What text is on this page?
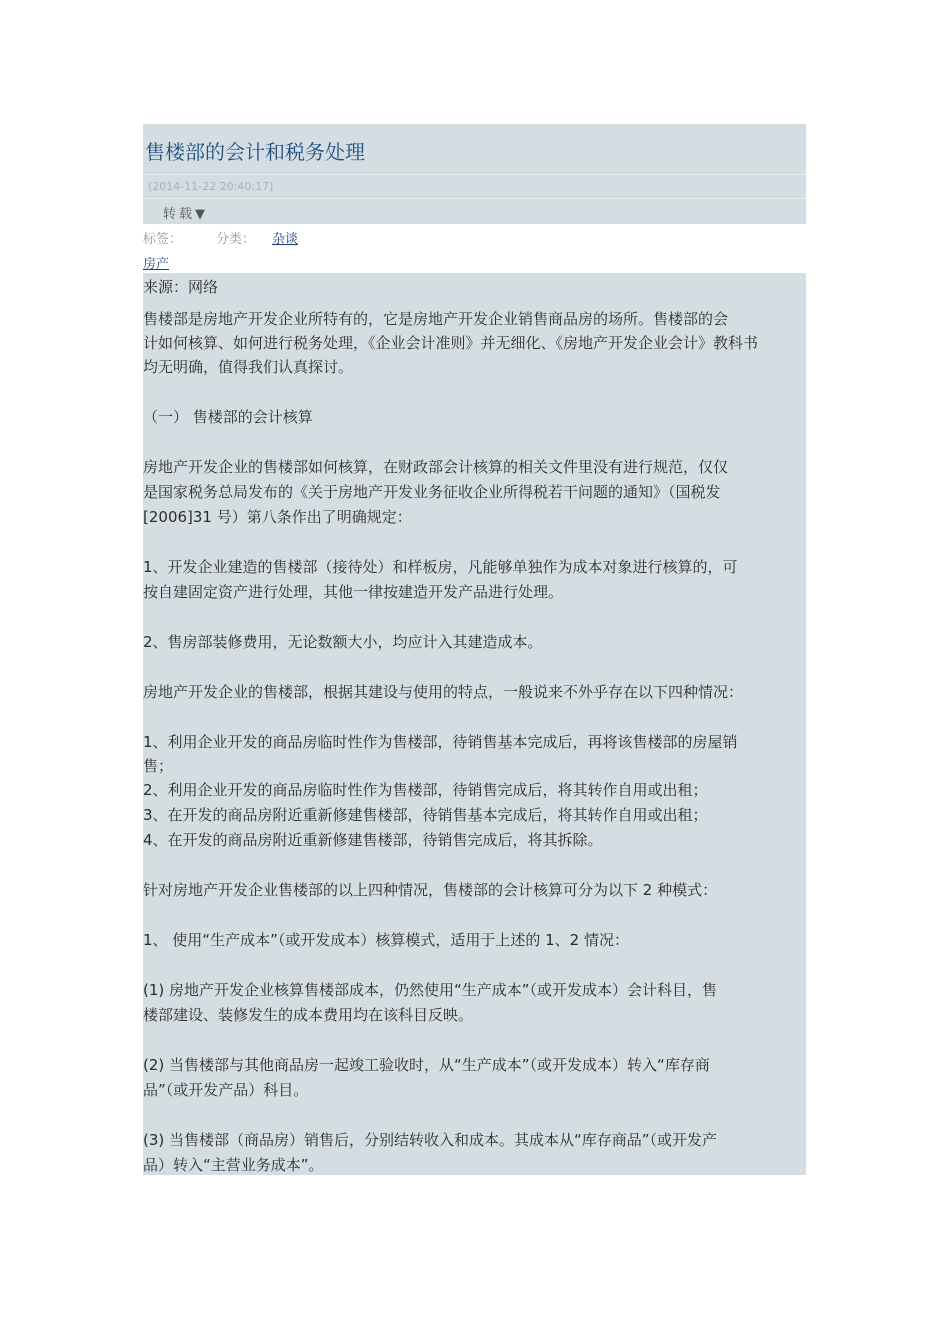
售楼部的会计和税务处理
(2014-11-22 20:40:17)
转载▼
标签：	分类： 杂谈
房产
来源：网络
售楼部是房地产开发企业所特有的，它是房地产开发企业销售商品房的场所。售楼部的会
计如何核算、如何进行税务处理，《企业会计准则》并无细化、《房地产开发企业会计》教科书
均无明确，值得我们认真探讨。
（一） 售楼部的会计核算
房地产开发企业的售楼部如何核算，在财政部会计核算的相关文件里没有进行规范，仅仅
是国家税务总局发布的《关于房地产开发业务征收企业所得税若干问题的通知》（国税发
[2006]31 号）第八条作出了明确规定：
1、开发企业建造的售楼部（接待处）和样板房，凡能够单独作为成本对象进行核算的，可
按自建固定资产进行处理，其他一律按建造开发产品进行处理。
2、售房部装修费用，无论数额大小，均应计入其建造成本。
房地产开发企业的售楼部，根据其建设与使用的特点，一般说来不外乎存在以下四种情况：
1、利用企业开发的商品房临时性作为售楼部，待销售基本完成后，再将该售楼部的房屋销
售；
2、利用企业开发的商品房临时性作为售楼部，待销售完成后，将其转作自用或出租；
3、在开发的商品房附近重新修建售楼部，待销售基本完成后，将其转作自用或出租；
4、在开发的商品房附近重新修建售楼部，待销售完成后，将其拆除。
针对房地产开发企业售楼部的以上四种情况，售楼部的会计核算可分为以下 2 种模式：
1、 使用“生产成本”（或开发成本）核算模式，适用于上述的 1、2 情况：
(1) 房地产开发企业核算售楼部成本，仍然使用“生产成本”（或开发成本）会计科目，售
楼部建设、装修发生的成本费用均在该科目反映。
(2) 当售楼部与其他商品房一起竣工验收时，从“生产成本”（或开发成本）转入“库存商
品”（或开发产品）科目。
(3) 当售楼部（商品房）销售后，分别结转收入和成本。其成本从“库存商品”（或开发产
品）转入“主营业务成本”。
